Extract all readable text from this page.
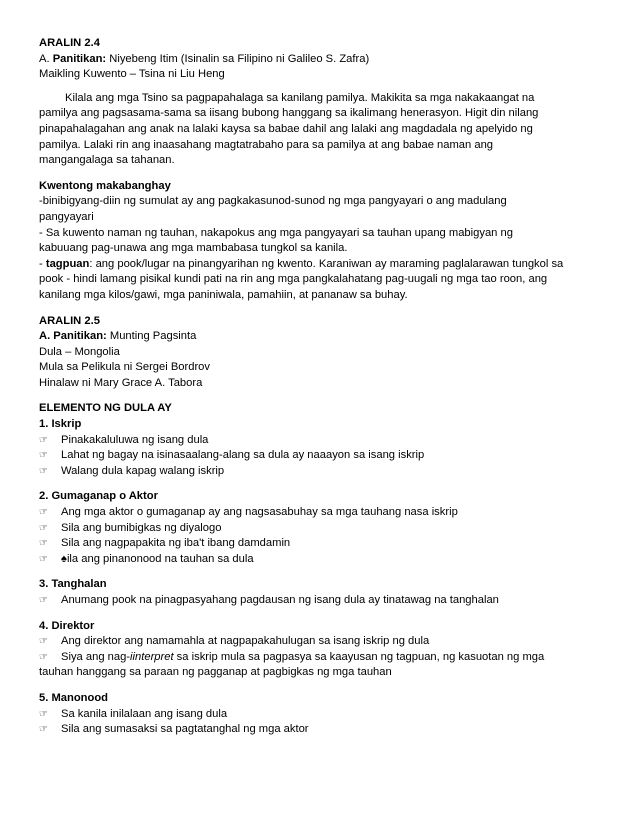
ARALIN 2.4
A. Panitikan: Niyebeng Itim (Isinalin sa Filipino ni Galileo S. Zafra)
Maikling Kuwento – Tsina ni Liu Heng
Kilala ang mga Tsino sa pagpapahalaga sa kanilang pamilya. Makikita sa mga nakakaangat na
pamilya ang pagsasama-sama sa iisang bubong hanggang sa ikalimang henerasyon. Higit din nilang
pinapahalagahan ang anak na lalaki kaysa sa babae dahil ang lalaki ang magdadala ng apelyido ng
pamilya. Lalaki rin ang inaasahang magtatrabaho para sa pamilya at ang babae naman ang
mangangalaga sa tahanan.
Kwentong makabanghay
-binibigyang-diin ng sumulat ay ang pagkakasunod-sunod ng mga pangyayari o ang madulang
pangyayari
- Sa kuwento naman ng tauhan, nakapokus ang mga pangyayari sa tauhan upang mabigyan ng
kabuuang pag-unawa ang mga mambabasa tungkol sa kanila.
- tagpuan: ang pook/lugar na pinangyarihan ng kwento. Karaniwan ay maraming paglalarawan tungkol sa
pook - hindi lamang pisikal kundi pati na rin ang mga pangkalahatang pag-uugali ng mga tao roon, ang
kanilang mga kilos/gawi, mga paniniwala, pamahiin, at pananaw sa buhay.
ARALIN 2.5
A. Panitikan: Munting Pagsinta
Dula – Mongolia
Mula sa Pelikula ni Sergei Bordrov
Hinalaw ni Mary Grace A. Tabora
ELEMENTO NG DULA AY
1. Iskrip
☞	Pinakakaluluwa ng isang dula
☞	Lahat ng bagay na isinasaalang-alang sa dula ay naaayon sa isang iskrip
☞	Walang dula kapag walang iskrip
2. Gumaganap o Aktor
☞	Ang mga aktor o gumaganap ay ang nagsasabuhay sa mga tauhang nasa iskrip
☞	Sila ang bumibigkas ng diyalogo
☞	Sila ang nagpapakita ng iba't ibang damdamin
☞	♠ila ang pinanonood na tauhan sa dula
3. Tanghalan
☞	Anumang pook na pinagpasyahang pagdausan ng isang dula ay tinatawag na tanghalan
4. Direktor
☞	Ang direktor ang namamahla at nagpapakahulugan sa isang iskrip ng dula
☞	Siya ang nag-iinterpret sa iskrip mula sa pagpasya sa kaayusan ng tagpuan, ng kasuotan ng mga
tauhan hanggang sa paraan ng pagganap at pagbigkas ng mga tauhan
5. Manonood
☞	Sa kanila inilalaan ang isang dula
☞	Sila ang sumasaksi sa pagtatanghal ng mga aktor
